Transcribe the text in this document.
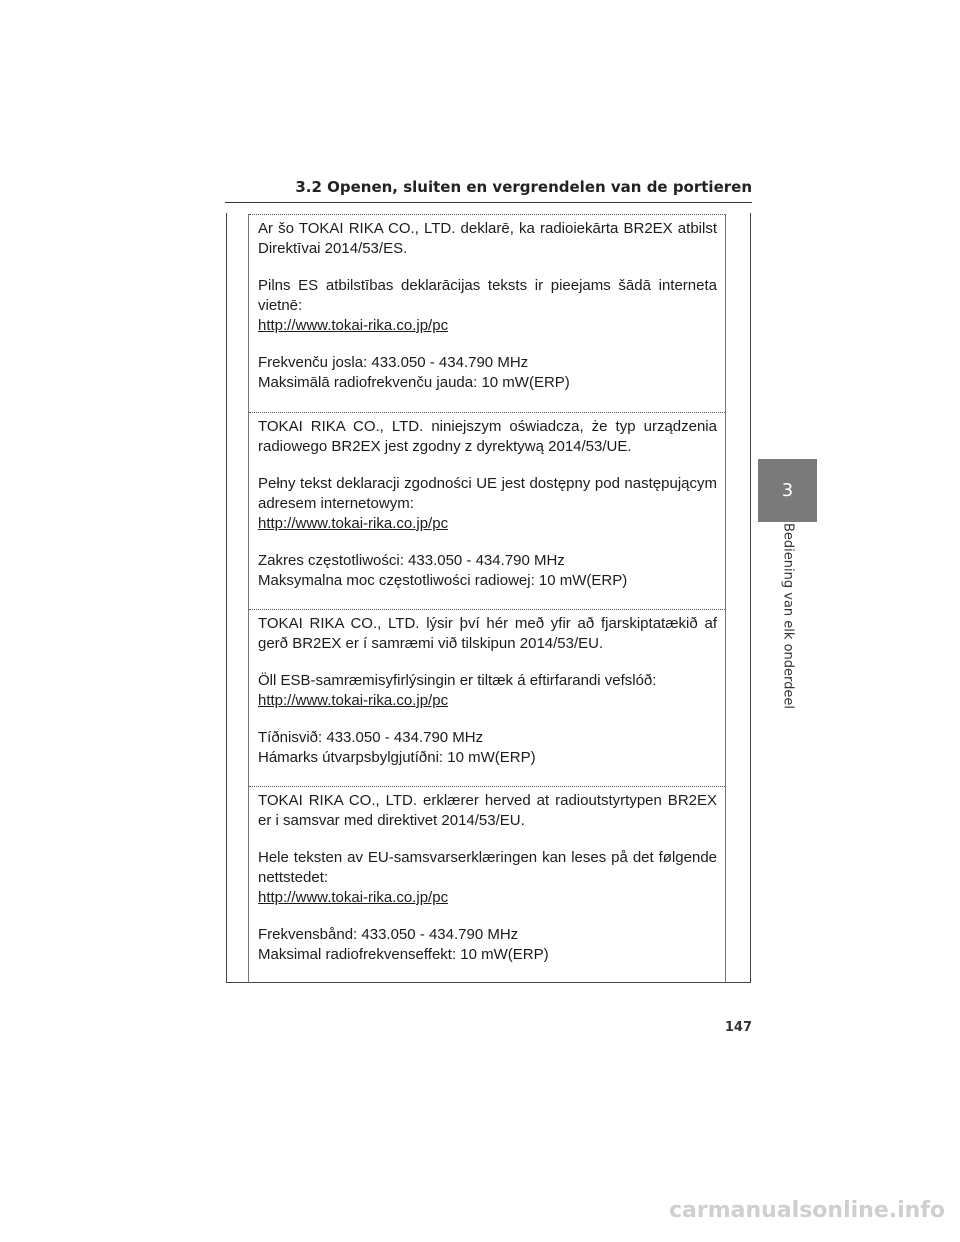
3.2 Openen, sluiten en vergrendelen van de portieren

Ar šo TOKAI RIKA CO., LTD. deklarē, ka radioiekārta BR2EX atbilst Direktīvai 2014/53/ES.

Pilns ES atbilstības deklarācijas teksts ir pieejams šādā interneta vietnē:

http://www.tokai-rika.co.jp/pc

Frekvenču josla: 433.050 - 434.790 MHz

Maksimālā radiofrekvenču jauda: 10 mW(ERP)

TOKAI RIKA CO., LTD. niniejszym oświadcza, że typ urządzenia radiowego BR2EX jest zgodny z dyrektywą 2014/53/UE.

Pełny tekst deklaracji zgodności UE jest dostępny pod następującym adresem internetowym:

http://www.tokai-rika.co.jp/pc

Zakres częstotliwości: 433.050 - 434.790 MHz

Maksymalna moc częstotliwości radiowej: 10 mW(ERP)

TOKAI RIKA CO., LTD. lýsir því hér með yfir að fjarskiptatækið af gerð BR2EX er í samræmi við tilskipun 2014/53/EU.

Öll ESB-samræmisyfirlýsingin er tiltæk á eftirfarandi vefslóð:

http://www.tokai-rika.co.jp/pc

Tíðnisvið: 433.050 - 434.790 MHz

Hámarks útvarpsbylgjutíðni: 10 mW(ERP)

TOKAI RIKA CO., LTD. erklærer herved at radioutstyrtypen BR2EX er i samsvar med direktivet 2014/53/EU.

Hele teksten av EU-samsvarserklæringen kan leses på det følgende nettstedet:

http://www.tokai-rika.co.jp/pc

Frekvensbånd: 433.050 - 434.790 MHz

Maksimal radiofrekvenseffekt: 10 mW(ERP)

3
Bediening van elk onderdeel
147
carmanualsonline.info
